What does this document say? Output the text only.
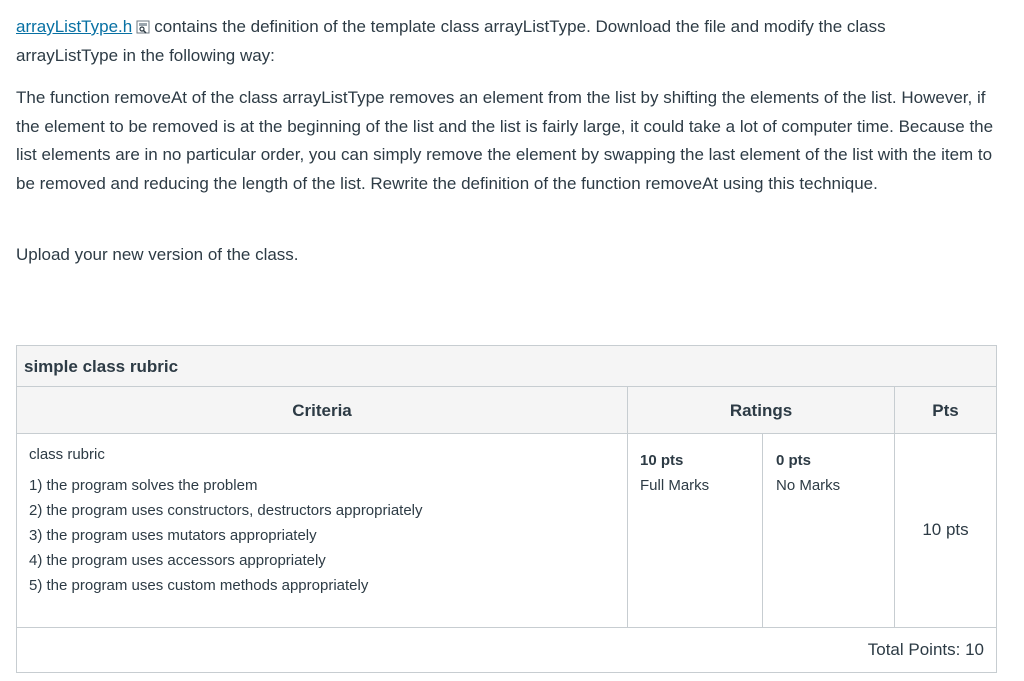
arrayListType.h contains the definition of the template class arrayListType. Download the file and modify the class
arrayListType in the following way:

The function removeAt of the class arrayListType removes an element from the list by shifting the elements of the list. However, if the element to be removed is at the beginning of the list and the list is fairly large, it could take a lot of computer time. Because the list elements are in no particular order, you can simply remove the element by swapping the last element of the list with the item to be removed and reducing the length of the list. Rewrite the definition of the function removeAt using this technique.

Upload your new version of the class.

simple class rubric
Criteria	Ratings	Pts
class rubric
1) the program solves the problem
2) the program uses constructors, destructors appropriately
3) the program uses mutators appropriately
4) the program uses accessors appropriately
5) the program uses custom methods appropriately
10 pts
Full Marks
0 pts
No Marks
10 pts
Total Points: 10
